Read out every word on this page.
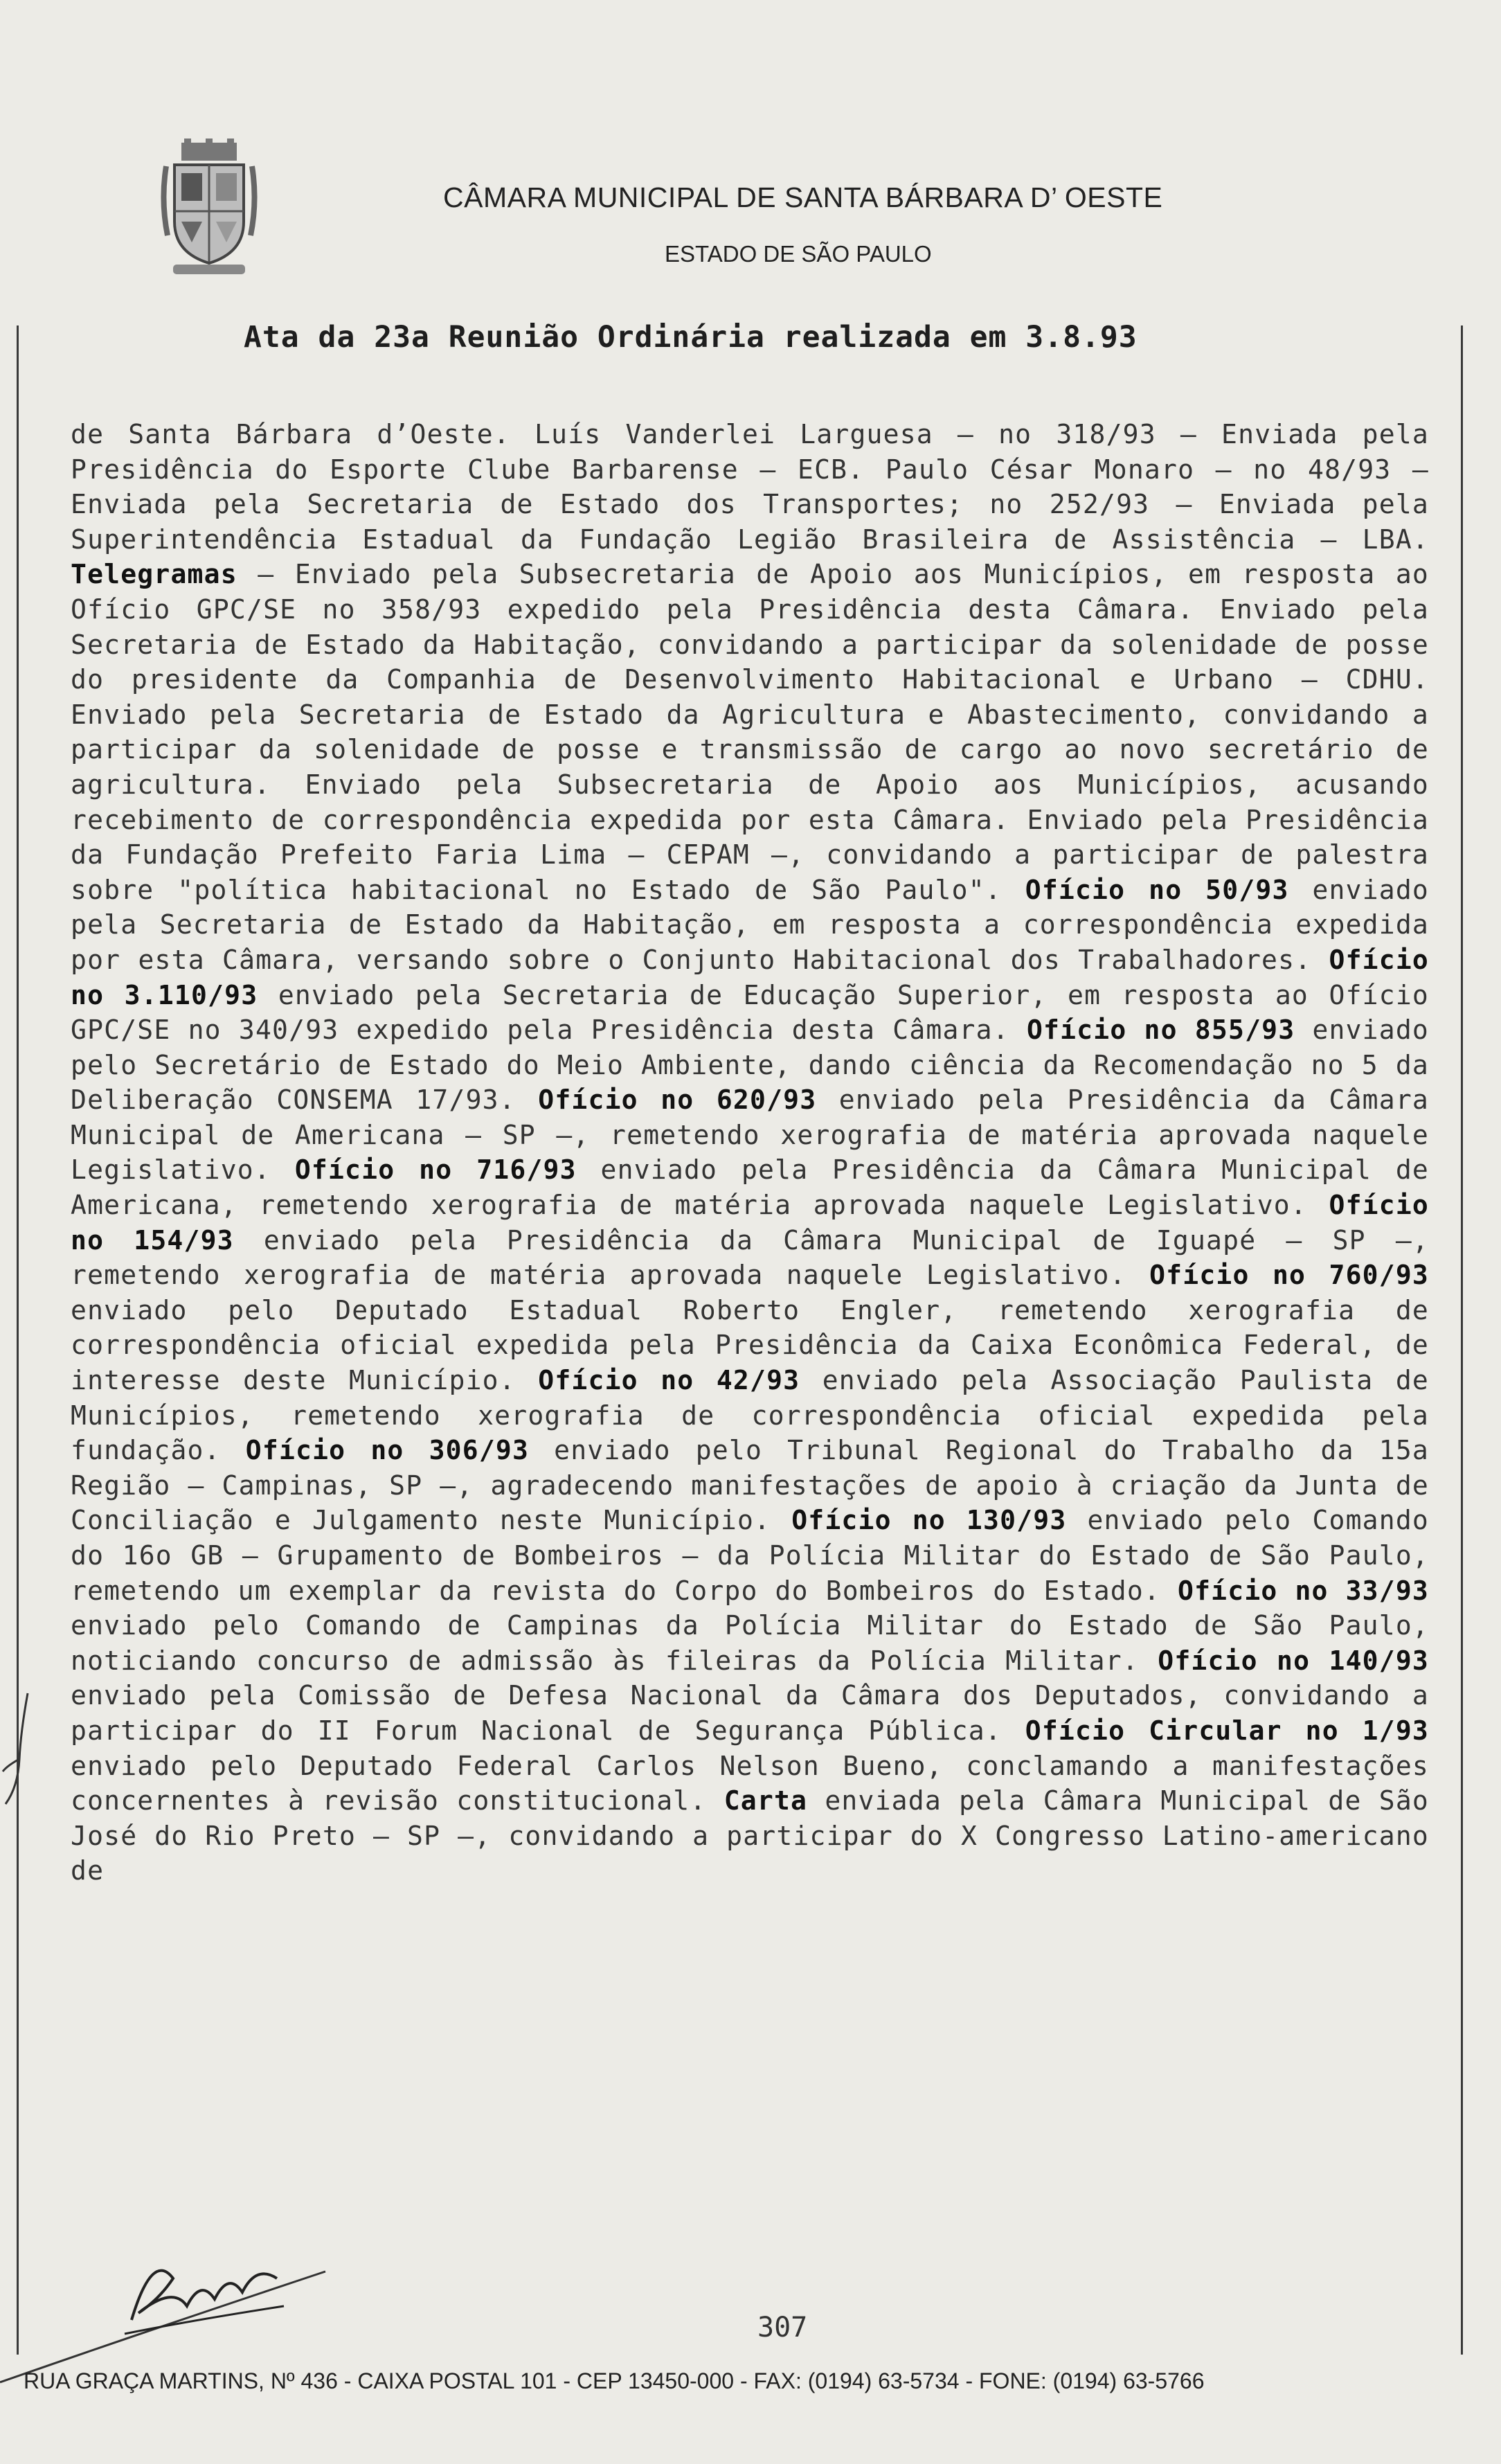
CÂMARA MUNICIPAL DE SANTA BÁRBARA D’ OESTE
ESTADO DE SÃO PAULO
Ata da 23a Reunião Ordinária realizada em 3.8.93
de Santa Bárbara d’Oeste. Luís Vanderlei Larguesa – no 318/93 – Enviada pela Presidência do Esporte Clube Barbarense – ECB. Paulo César Monaro – no 48/93 – Enviada pela Secretaria de Estado dos Transportes; no 252/93 – Enviada pela Superintendência Estadual da Fundação Legião Brasileira de Assistência – LBA. Telegramas – Enviado pela Subsecretaria de Apoio aos Municípios, em resposta ao Ofício GPC/SE no 358/93 expedido pela Presidência desta Câmara. Enviado pela Secretaria de Estado da Habitação, convidando a participar da solenidade de posse do presidente da Companhia de Desenvolvimento Habitacional e Urbano – CDHU. Enviado pela Secretaria de Estado da Agricultura e Abastecimento, convidando a participar da solenidade de posse e transmissão de cargo ao novo secretário de agricultura. Enviado pela Subsecretaria de Apoio aos Municípios, acusando recebimento de correspondência expedida por esta Câmara. Enviado pela Presidência da Fundação Prefeito Faria Lima – CEPAM –, convidando a participar de palestra sobre "política habitacional no Estado de São Paulo". Ofício no 50/93 enviado pela Secretaria de Estado da Habitação, em resposta a correspondência expedida por esta Câmara, versando sobre o Conjunto Habitacional dos Trabalhadores. Ofício no 3.110/93 enviado pela Secretaria de Educação Superior, em resposta ao Ofício GPC/SE no 340/93 expedido pela Presidência desta Câmara. Ofício no 855/93 enviado pelo Secretário de Estado do Meio Ambiente, dando ciência da Recomendação no 5 da Deliberação CONSEMA 17/93. Ofício no 620/93 enviado pela Presidência da Câmara Municipal de Americana – SP –, remetendo xerografia de matéria aprovada naquele Legislativo. Ofício no 716/93 enviado pela Presidência da Câmara Municipal de Americana, remetendo xerografia de matéria aprovada naquele Legislativo. Ofício no 154/93 enviado pela Presidência da Câmara Municipal de Iguapé – SP –, remetendo xerografia de matéria aprovada naquele Legislativo. Ofício no 760/93 enviado pelo Deputado Estadual Roberto Engler, remetendo xerografia de correspondência oficial expedida pela Presidência da Caixa Econômica Federal, de interesse deste Município. Ofício no 42/93 enviado pela Associação Paulista de Municípios, remetendo xerografia de correspondência oficial expedida pela fundação. Ofício no 306/93 enviado pelo Tribunal Regional do Trabalho da 15a Região – Campinas, SP –, agradecendo manifestações de apoio à criação da Junta de Conciliação e Julgamento neste Município. Ofício no 130/93 enviado pelo Comando do 16o GB – Grupamento de Bombeiros – da Polícia Militar do Estado de São Paulo, remetendo um exemplar da revista do Corpo do Bombeiros do Estado. Ofício no 33/93 enviado pelo Comando de Campinas da Polícia Militar do Estado de São Paulo, noticiando concurso de admissão às fileiras da Polícia Militar. Ofício no 140/93 enviado pela Comissão de Defesa Nacional da Câmara dos Deputados, convidando a participar do II Forum Nacional de Segurança Pública. Ofício Circular no 1/93 enviado pelo Deputado Federal Carlos Nelson Bueno, conclamando a manifestações concernentes à revisão constitucional. Carta enviada pela Câmara Municipal de São José do Rio Preto – SP –, convidando a participar do X Congresso Latino-americano de
307
RUA GRAÇA MARTINS, Nº 436 - CAIXA POSTAL 101 - CEP 13450-000 - FAX: (0194) 63-5734 - FONE: (0194) 63-5766
